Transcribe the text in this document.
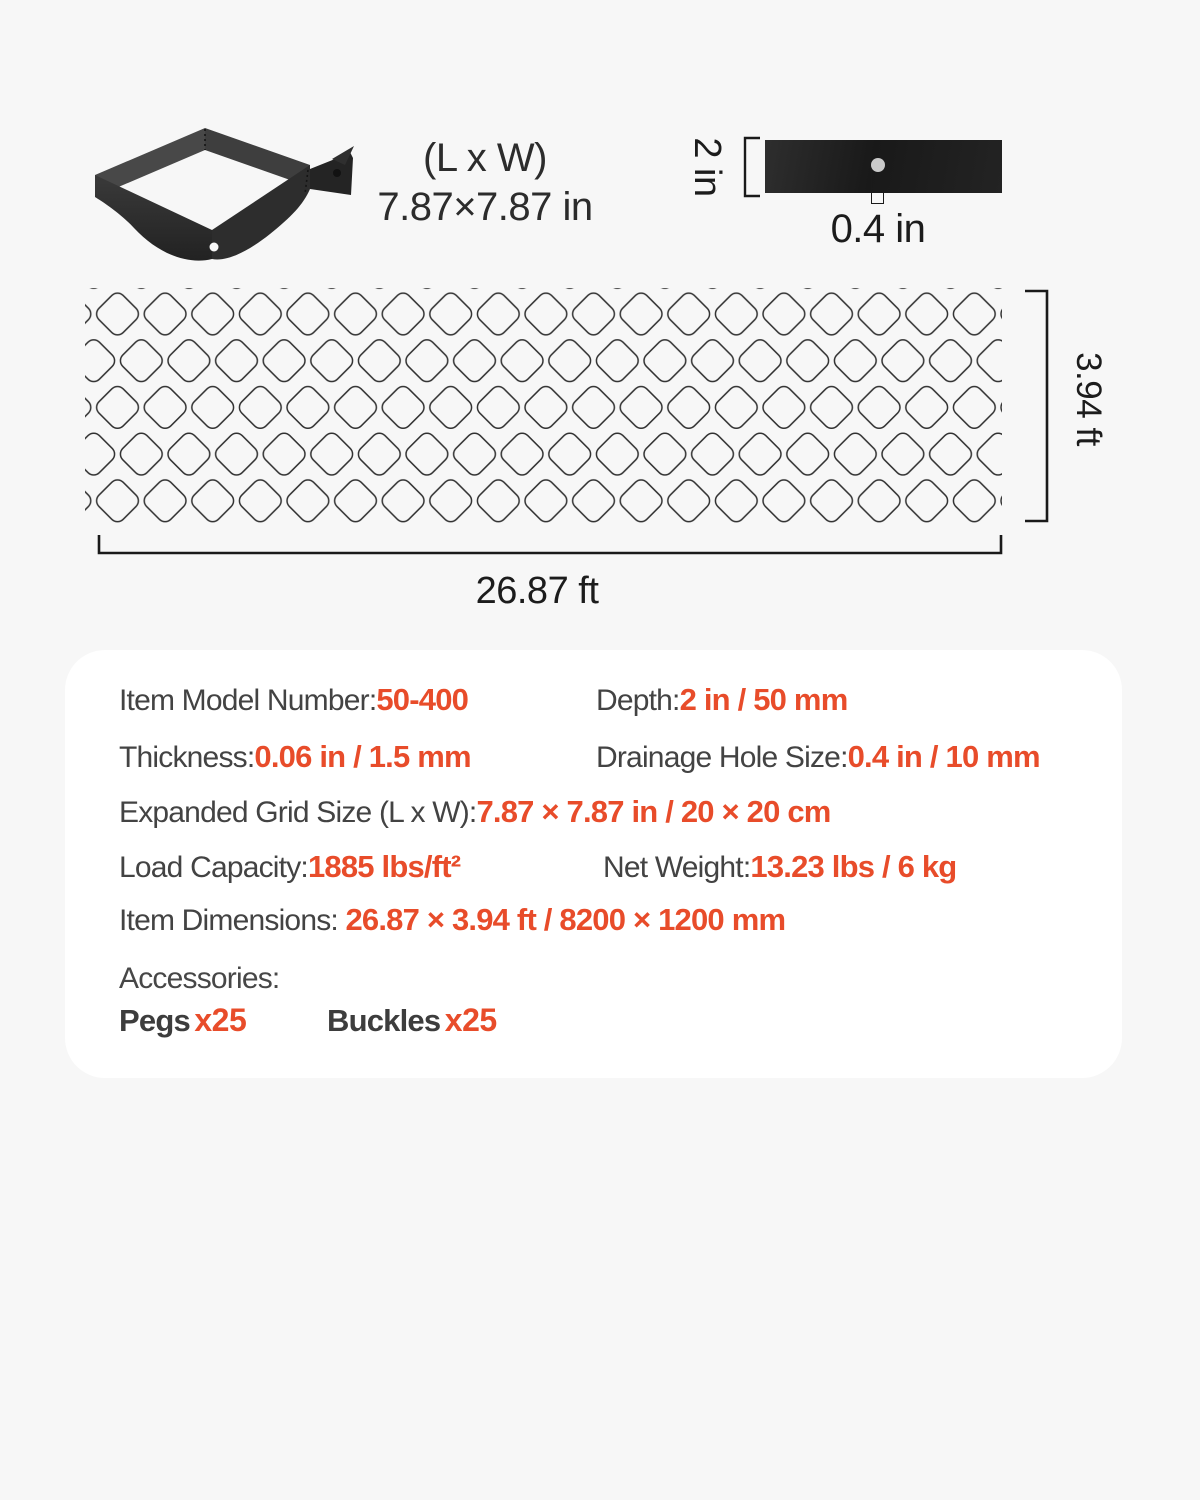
(L x W)
7.87×7.87 in
2 in
0.4 in
3.94 ft
26.87 ft
Item Model Number:50-400	Depth:2 in / 50 mm
Thickness:0.06 in / 1.5 mm	Drainage Hole Size:0.4 in / 10 mm
Expanded Grid Size (L x W):7.87 × 7.87 in / 20 × 20 cm
Load Capacity:1885 lbs/ft²	Net Weight:13.23 lbs / 6 kg
Item Dimensions: 26.87 × 3.94 ft / 8200 × 1200 mm
Accessories:
Pegs x25	Buckles x25
